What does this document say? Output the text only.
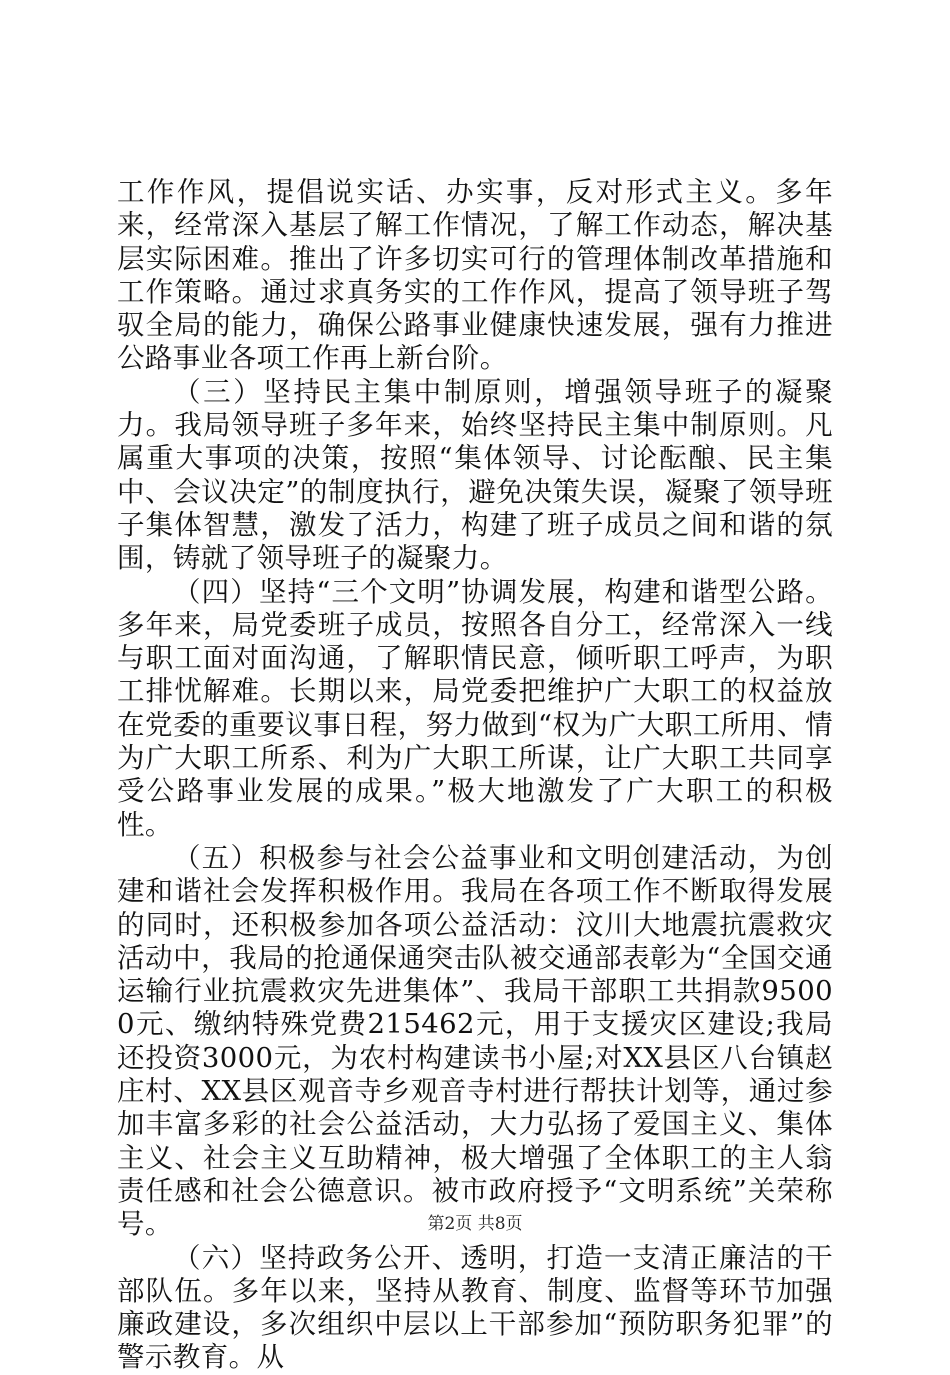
工作作风，提倡说实话、办实事，反对形式主义。多年来，经常深入基层了解工作情况，了解工作动态，解决基层实际困难。推出了许多切实可行的管理体制改革措施和工作策略。通过求真务实的工作作风，提高了领导班子驾驭全局的能力，确保公路事业健康快速发展，强有力推进公路事业各项工作再上新台阶。

（三）坚持民主集中制原则，增强领导班子的凝聚力。我局领导班子多年来，始终坚持民主集中制原则。凡属重大事项的决策，按照“集体领导、讨论酝酿、民主集中、会议决定”的制度执行，避免决策失误，凝聚了领导班子集体智慧，激发了活力，构建了班子成员之间和谐的氛围，铸就了领导班子的凝聚力。

（四）坚持“三个文明”协调发展，构建和谐型公路。多年来，局党委班子成员，按照各自分工，经常深入一线与职工面对面沟通，了解职情民意，倾听职工呼声，为职工排忧解难。长期以来，局党委把维护广大职工的权益放在党委的重要议事日程，努力做到“权为广大职工所用、情为广大职工所系、利为广大职工所谋，让广大职工共同享受公路事业发展的成果。”极大地激发了广大职工的积极性。

（五）积极参与社会公益事业和文明创建活动，为创建和谐社会发挥积极作用。我局在各项工作不断取得发展的同时，还积极参加各项公益活动：汶川大地震抗震救灾活动中，我局的抢通保通突击队被交通部表彰为“全国交通运输行业抗震救灾先进集体”、我局干部职工共捐款95000元、缴纳特殊党费215462元，用于支援灾区建设;我局还投资3000元，为农村构建读书小屋;对XX县区八台镇赵庄村、XX县区观音寺乡观音寺村进行帮扶计划等，通过参加丰富多彩的社会公益活动，大力弘扬了爱国主义、集体主义、社会主义互助精神，极大增强了全体职工的主人翁责任感和社会公德意识。被市政府授予“文明系统”关荣称号。

（六）坚持政务公开、透明，打造一支清正廉洁的干部队伍。多年以来，坚持从教育、制度、监督等环节加强廉政建设，多次组织中层以上干部参加“预防职务犯罪”的警示教育。从

第2页 共8页
